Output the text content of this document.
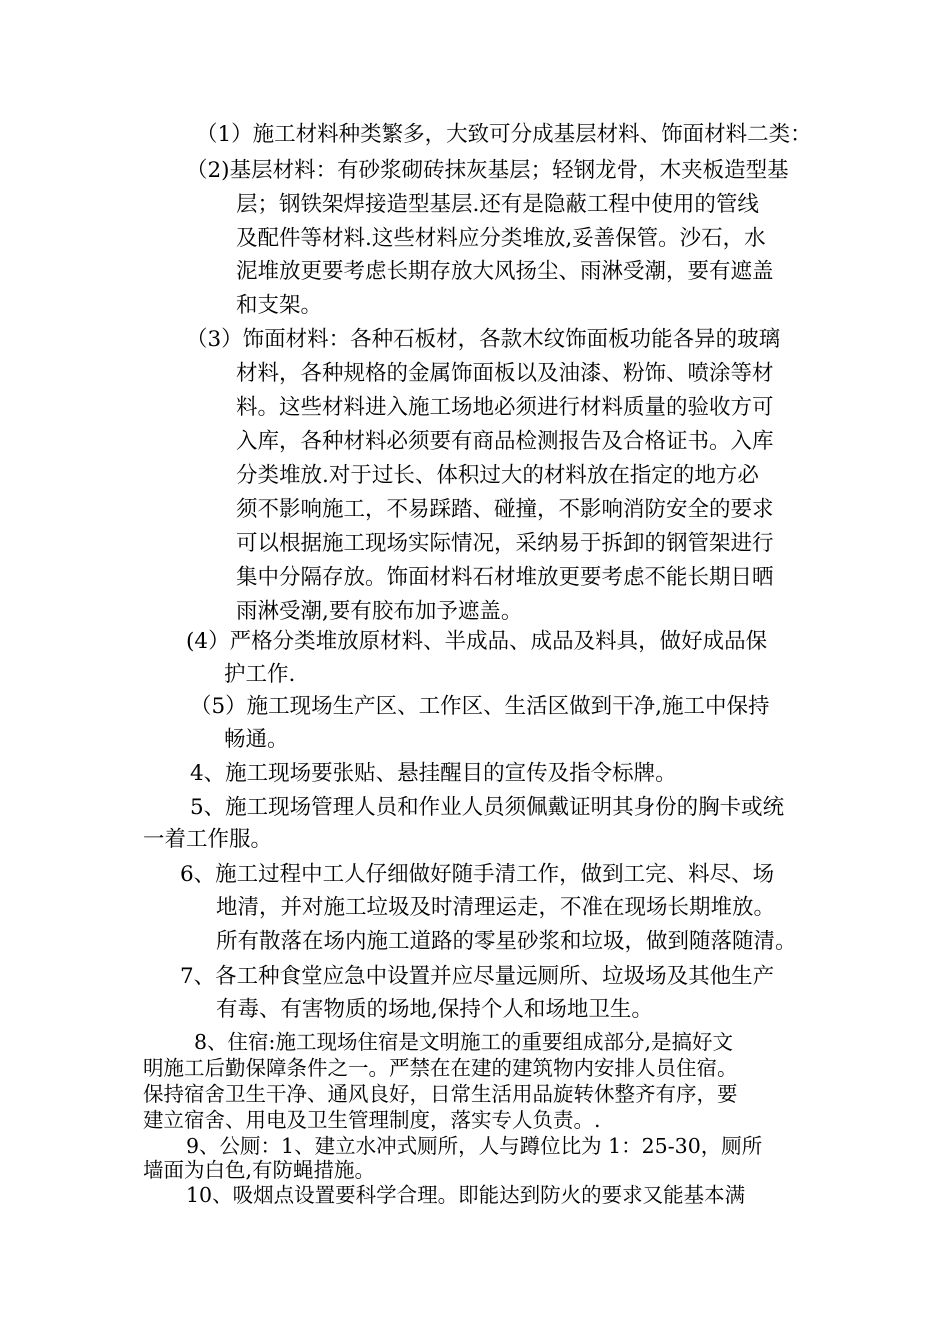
（1）施工材料种类繁多，大致可分成基层材料、饰面材料二类：
（2)基层材料：有砂浆砌砖抹灰基层；轻钢龙骨，木夹板造型基
层；钢铁架焊接造型基层.还有是隐蔽工程中使用的管线
及配件等材料.这些材料应分类堆放,妥善保管。沙石，水
泥堆放更要考虑长期存放大风扬尘、雨淋受潮，要有遮盖
和支架。
（3）饰面材料：各种石板材，各款木纹饰面板功能各异的玻璃
材料，各种规格的金属饰面板以及油漆、粉饰、喷涂等材
料。这些材料进入施工场地必须进行材料质量的验收方可
入库，各种材料必须要有商品检测报告及合格证书。入库
分类堆放.对于过长、体积过大的材料放在指定的地方必
须不影响施工，不易踩踏、碰撞，不影响消防安全的要求
可以根据施工现场实际情况，采纳易于拆卸的钢管架进行
集中分隔存放。饰面材料石材堆放更要考虑不能长期日晒
雨淋受潮,要有胶布加予遮盖。
(4）严格分类堆放原材料、半成品、成品及料具，做好成品保
护工作.
（5）施工现场生产区、工作区、生活区做到干净,施工中保持
畅通。
4、施工现场要张贴、悬挂醒目的宣传及指令标牌。
5、施工现场管理人员和作业人员须佩戴证明其身份的胸卡或统
一着工作服。
6、施工过程中工人仔细做好随手清工作，做到工完、料尽、场
地清，并对施工垃圾及时清理运走，不准在现场长期堆放。
所有散落在场内施工道路的零星砂浆和垃圾，做到随落随清。
7、各工种食堂应急中设置并应尽量远厕所、垃圾场及其他生产
有毒、有害物质的场地,保持个人和场地卫生。
8、住宿:施工现场住宿是文明施工的重要组成部分,是搞好文
明施工后勤保障条件之一。严禁在在建的建筑物内安排人员住宿。
保持宿舍卫生干净、通风良好，日常生活用品旋转休整齐有序，要
建立宿舍、用电及卫生管理制度，落实专人负责。.
9、公厕：1、建立水冲式厕所，人与蹲位比为 1：25-30，厕所
墙面为白色,有防蝇措施。
10、吸烟点设置要科学合理。即能达到防火的要求又能基本满
